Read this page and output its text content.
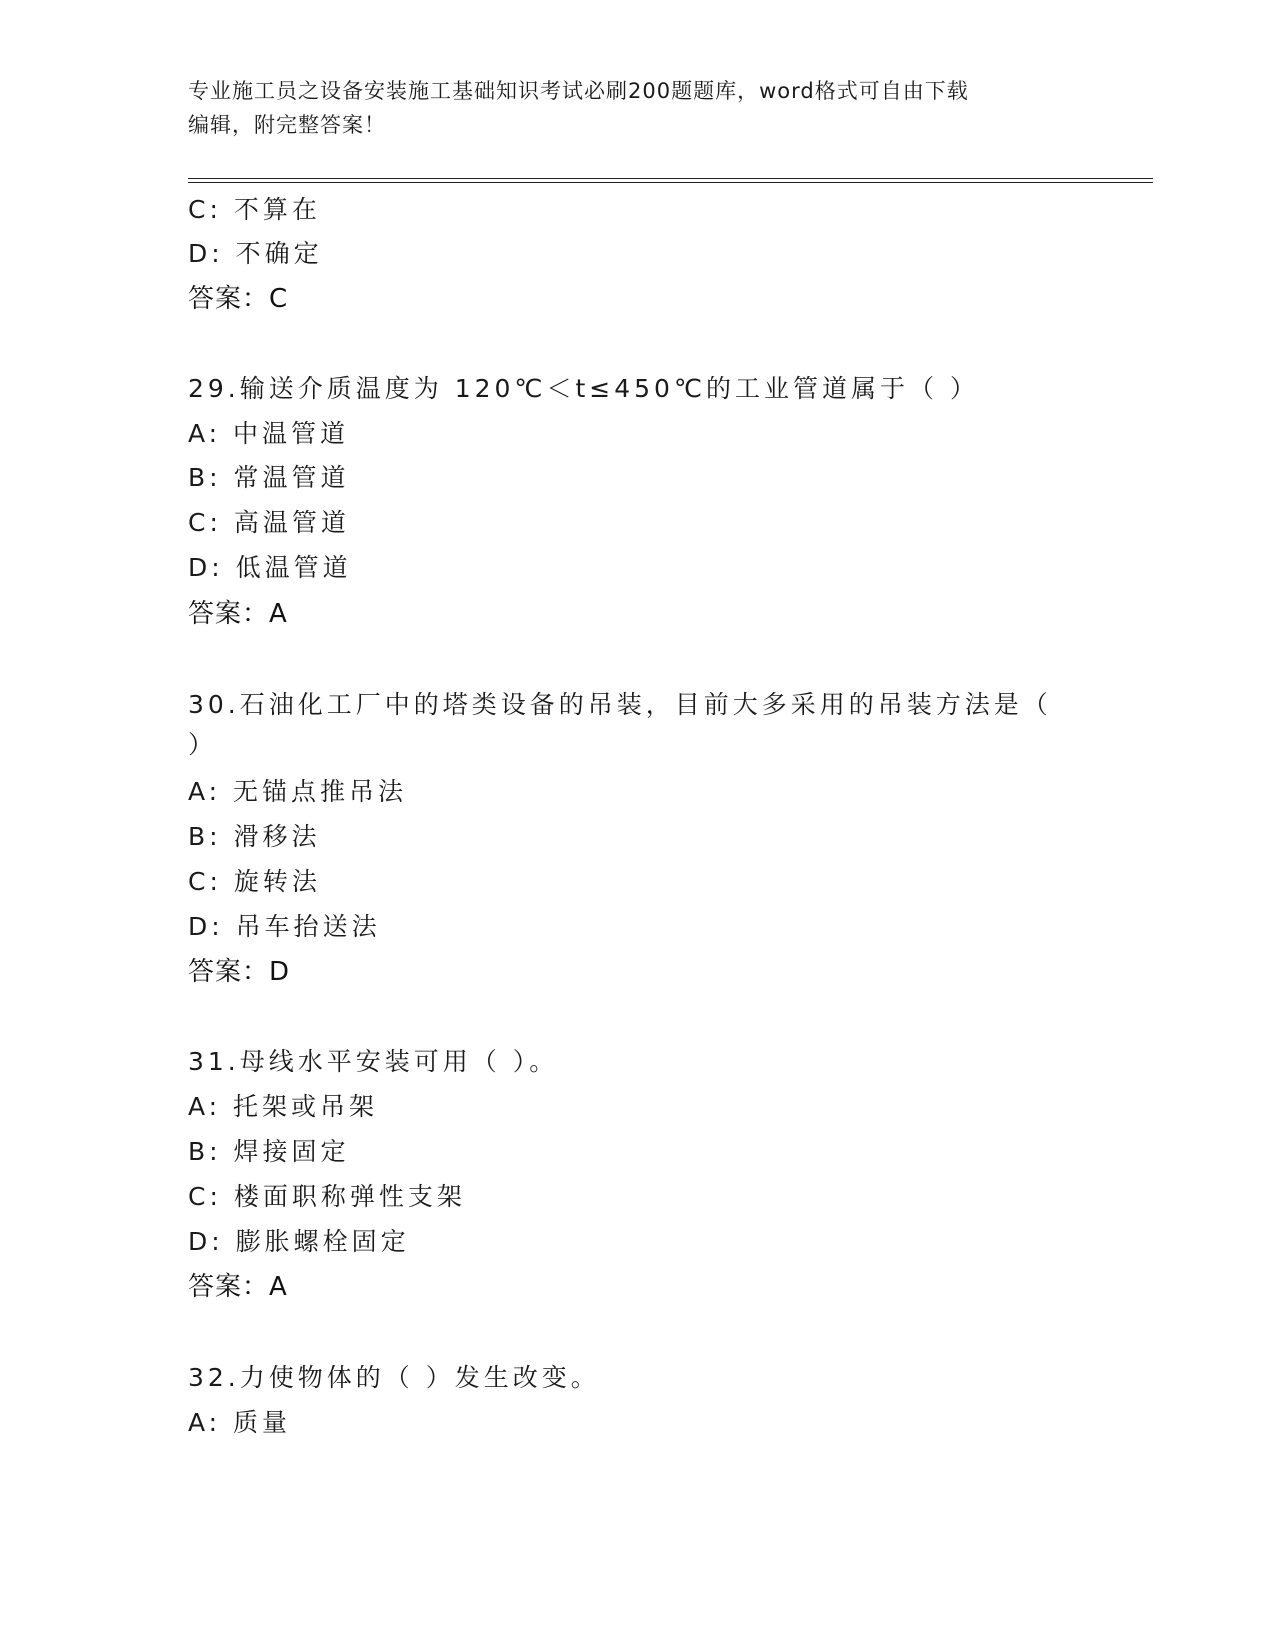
专业施工员之设备安装施工基础知识考试必刷200题题库，word格式可自由下载
编辑，附完整答案！
C: 不算在
D: 不确定
答案：C
29.输送介质温度为 120℃＜t≤450℃的工业管道属于（ ）
A: 中温管道
B: 常温管道
C: 高温管道
D: 低温管道
答案：A
30.石油化工厂中的塔类设备的吊装，目前大多采用的吊装方法是（
）
A: 无锚点推吊法
B: 滑移法
C: 旋转法
D: 吊车抬送法
答案：D
31.母线水平安装可用（ ）。
A: 托架或吊架
B: 焊接固定
C: 楼面职称弹性支架
D: 膨胀螺栓固定
答案：A
32.力使物体的（ ）发生改变。
A: 质量
